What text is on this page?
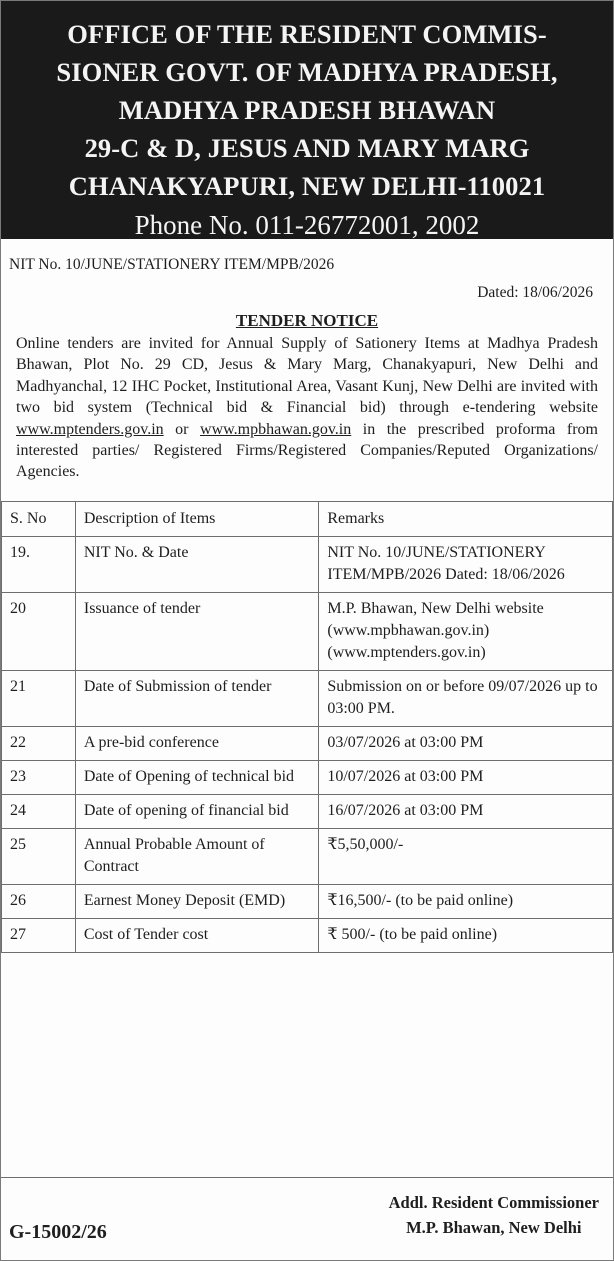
OFFICE OF THE RESIDENT COMMIS-
SIONER GOVT. OF MADHYA PRADESH,
MADHYA PRADESH BHAWAN
29-C & D, JESUS AND MARY MARG
CHANAKYAPURI, NEW DELHI-110021
Phone No. 011-26772001, 2002
NIT No. 10/JUNE/STATIONERY ITEM/MPB/2026
Dated: 18/06/2026
TENDER NOTICE
Online tenders are invited for Annual Supply of Sationery Items at Madhya Pradesh Bhawan, Plot No. 29 CD, Jesus & Mary Marg, Chanakyapuri, New Delhi and Madhyanchal, 12 IHC Pocket, Institutional Area, Vasant Kunj, New Delhi are invited with two bid system (Technical bid & Financial bid) through e-tendering website www.mptenders.gov.in or www.mpbhawan.gov.in in the prescribed proforma from interested parties/ Registered Firms/Registered Companies/Reputed Organizations/ Agencies.
S. No	Description of Items	Remarks
19.	NIT No. & Date	NIT No. 10/JUNE/STATIONERY ITEM/MPB/2026 Dated: 18/06/2026
20	Issuance of tender	M.P. Bhawan, New Delhi website (www.mpbhawan.gov.in) (www.mptenders.gov.in)
21	Date of Submission of tender	Submission on or before 09/07/2026 up to 03:00 PM.
22	A pre-bid conference	03/07/2026 at 03:00 PM
23	Date of Opening of technical bid	10/07/2026 at 03:00 PM
24	Date of opening of financial bid	16/07/2026 at 03:00 PM
25	Annual Probable Amount of Contract	₹5,50,000/-
26	Earnest Money Deposit (EMD)	₹16,500/- (to be paid online)
27	Cost of Tender cost	₹ 500/- (to be paid online)
G-15002/26
Addl. Resident Commissioner
M.P. Bhawan, New Delhi
